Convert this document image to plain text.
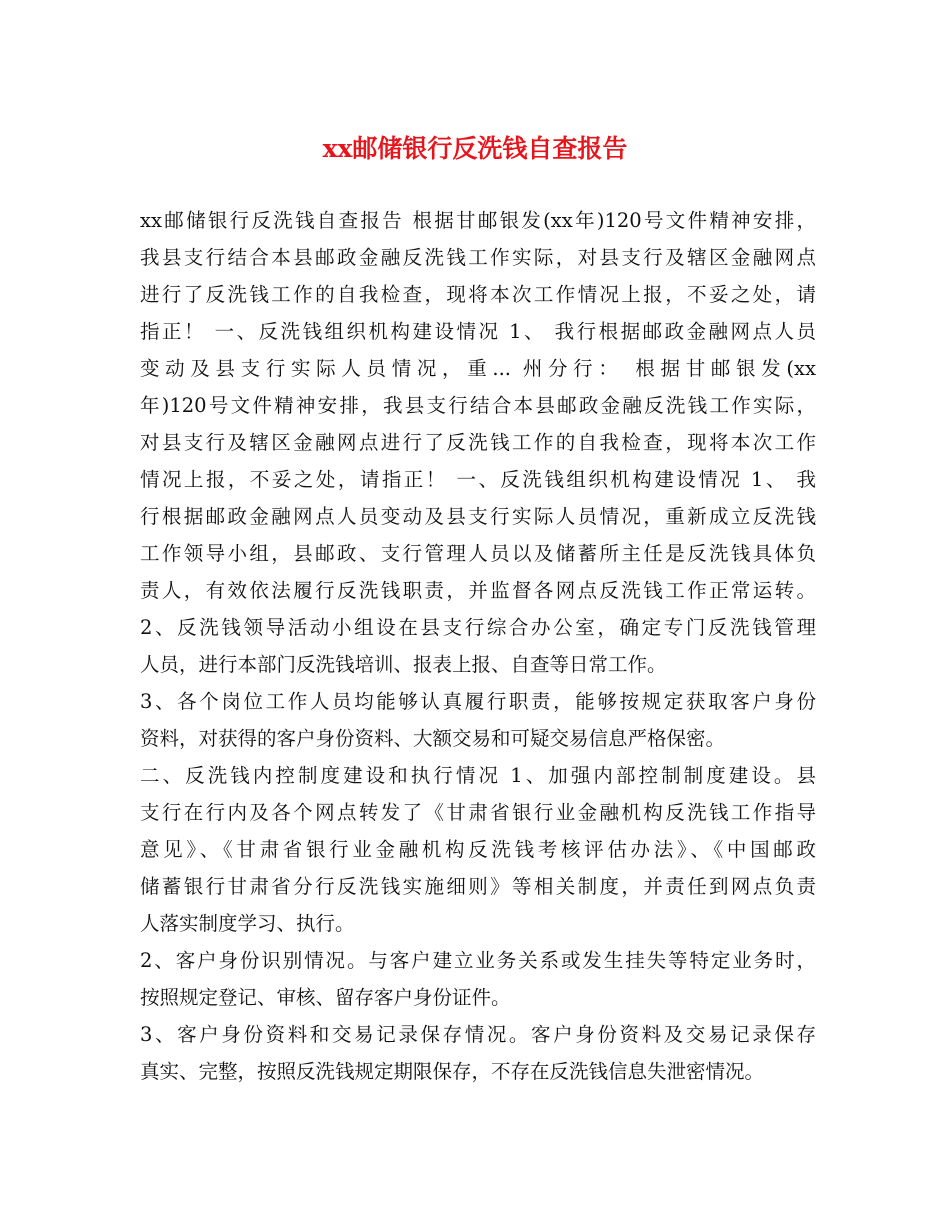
xx邮储银行反洗钱自查报告
xx邮储银行反洗钱自查报告 根据甘邮银发(xx年)120号文件精神安排，
我县支行结合本县邮政金融反洗钱工作实际，对县支行及辖区金融网点
进行了反洗钱工作的自我检查，现将本次工作情况上报，不妥之处，请
指正！ 一、反洗钱组织机构建设情况 1、 我行根据邮政金融网点人员
变动及县支行实际人员情况，重... 州分行： 根据甘邮银发(xx
年)120号文件精神安排，我县支行结合本县邮政金融反洗钱工作实际，
对县支行及辖区金融网点进行了反洗钱工作的自我检查，现将本次工作
情况上报，不妥之处，请指正！ 一、反洗钱组织机构建设情况 1、 我
行根据邮政金融网点人员变动及县支行实际人员情况，重新成立反洗钱
工作领导小组，县邮政、支行管理人员以及储蓄所主任是反洗钱具体负
责人，有效依法履行反洗钱职责，并监督各网点反洗钱工作正常运转。
2、反洗钱领导活动小组设在县支行综合办公室，确定专门反洗钱管理
人员，进行本部门反洗钱培训、报表上报、自查等日常工作。
3、各个岗位工作人员均能够认真履行职责，能够按规定获取客户身份
资料，对获得的客户身份资料、大额交易和可疑交易信息严格保密。
二、反洗钱内控制度建设和执行情况 1、加强内部控制制度建设。县
支行在行内及各个网点转发了《甘肃省银行业金融机构反洗钱工作指导
意见》、《甘肃省银行业金融机构反洗钱考核评估办法》、《中国邮政
储蓄银行甘肃省分行反洗钱实施细则》等相关制度，并责任到网点负责
人落实制度学习、执行。
2、客户身份识别情况。与客户建立业务关系或发生挂失等特定业务时，
按照规定登记、审核、留存客户身份证件。
3、客户身份资料和交易记录保存情况。客户身份资料及交易记录保存
真实、完整，按照反洗钱规定期限保存，不存在反洗钱信息失泄密情况。
